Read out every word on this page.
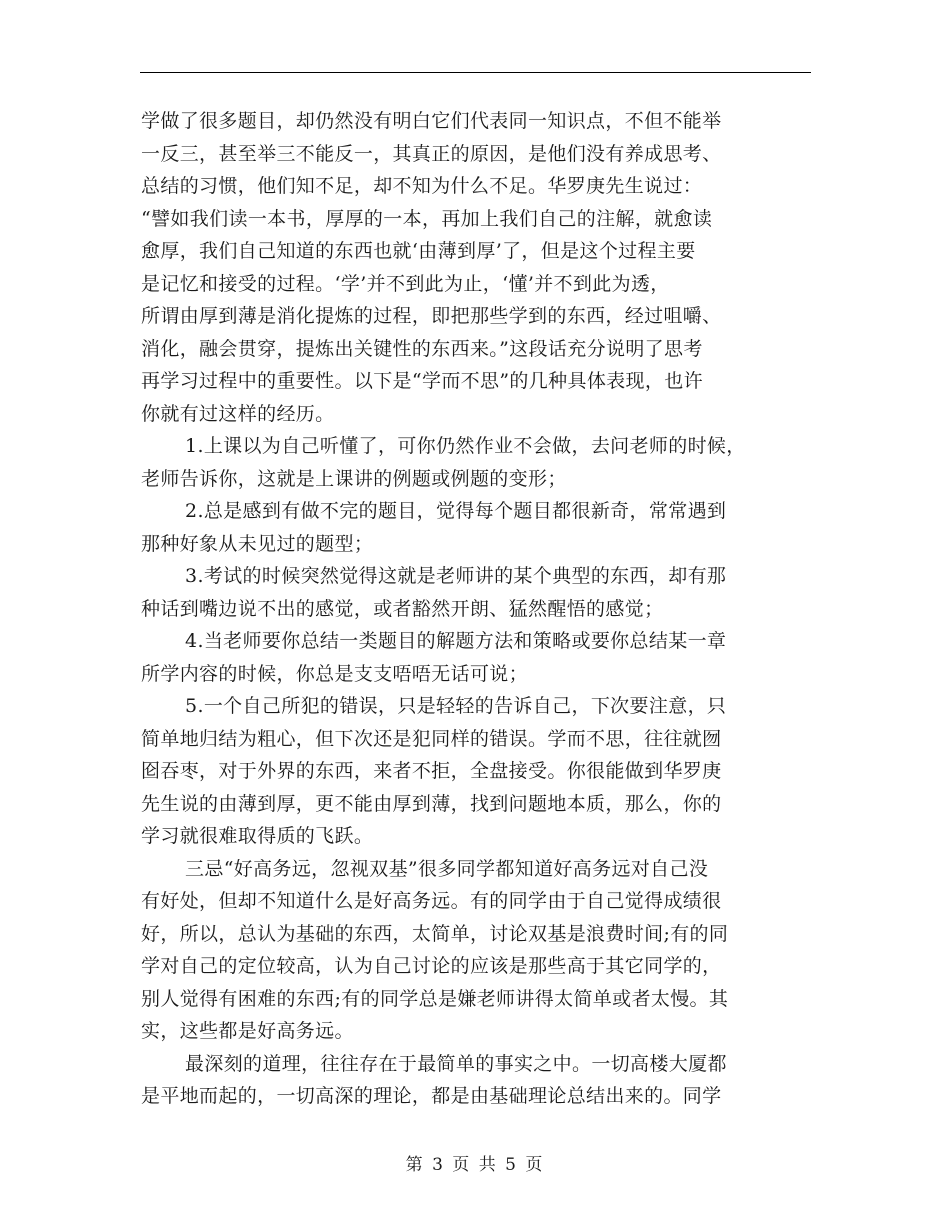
学做了很多题目，却仍然没有明白它们代表同一知识点，不但不能举
一反三，甚至举三不能反一，其真正的原因，是他们没有养成思考、
总结的习惯，他们知不足，却不知为什么不足。华罗庚先生说过：
“譬如我们读一本书，厚厚的一本，再加上我们自己的注解，就愈读
愈厚，我们自己知道的东西也就‘由薄到厚’了，但是这个过程主要
是记忆和接受的过程。‘学’并不到此为止，‘懂’并不到此为透，
所谓由厚到薄是消化提炼的过程，即把那些学到的东西，经过咀嚼、
消化，融会贯穿，提炼出关键性的东西来。”这段话充分说明了思考
再学习过程中的重要性。以下是“学而不思”的几种具体表现，也许
你就有过这样的经历。
1.上课以为自己听懂了，可你仍然作业不会做，去问老师的时候，
老师告诉你，这就是上课讲的例题或例题的变形；
2.总是感到有做不完的题目，觉得每个题目都很新奇，常常遇到
那种好象从未见过的题型；
3.考试的时候突然觉得这就是老师讲的某个典型的东西，却有那
种话到嘴边说不出的感觉，或者豁然开朗、猛然醒悟的感觉；
4.当老师要你总结一类题目的解题方法和策略或要你总结某一章
所学内容的时候，你总是支支唔唔无话可说；
5.一个自己所犯的错误，只是轻轻的告诉自己，下次要注意，只
简单地归结为粗心，但下次还是犯同样的错误。学而不思，往往就囫
囵吞枣，对于外界的东西，来者不拒，全盘接受。你很能做到华罗庚
先生说的由薄到厚，更不能由厚到薄，找到问题地本质，那么，你的
学习就很难取得质的飞跃。
三忌“好高务远，忽视双基”很多同学都知道好高务远对自己没
有好处，但却不知道什么是好高务远。有的同学由于自己觉得成绩很
好，所以，总认为基础的东西，太简单，讨论双基是浪费时间;有的同
学对自己的定位较高，认为自己讨论的应该是那些高于其它同学的，
别人觉得有困难的东西;有的同学总是嫌老师讲得太简单或者太慢。其
实，这些都是好高务远。
最深刻的道理，往往存在于最简单的事实之中。一切高楼大厦都
是平地而起的，一切高深的理论，都是由基础理论总结出来的。同学
第 3 页 共 5 页
